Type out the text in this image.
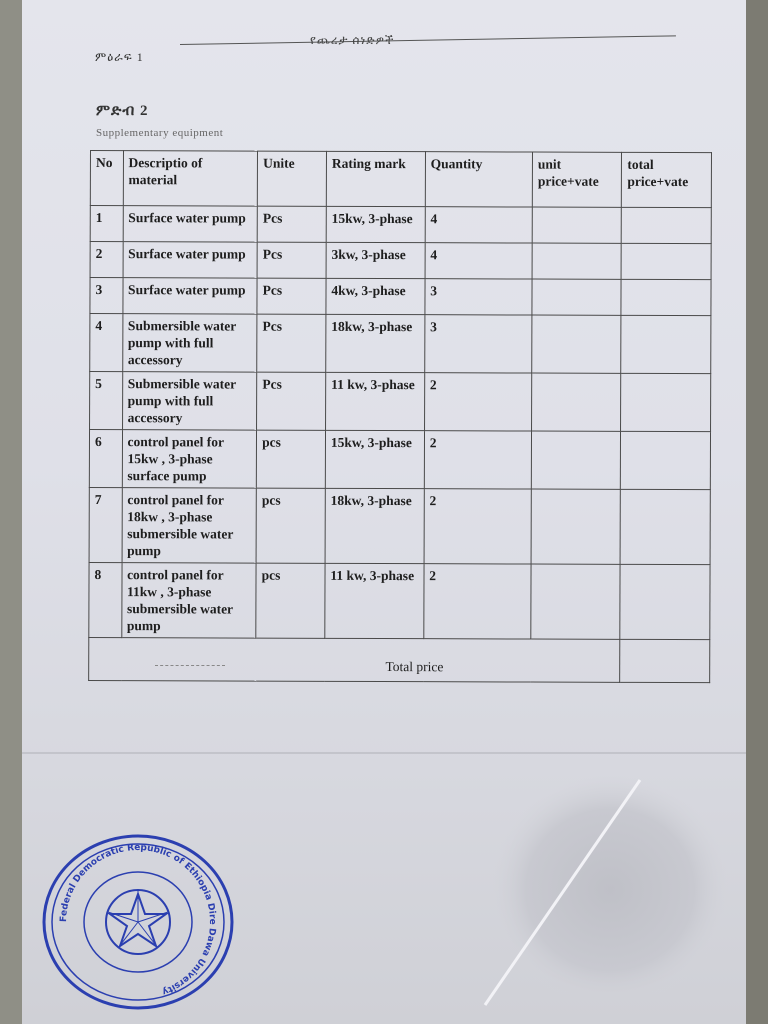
ምዕራፍ 1
የጨረታ ሰነድዎች
ምድብ 2
Supplementary equipment
No	Descriptio of material	Unite	Rating mark	Quantity	unit price+vate	total price+vate
1	Surface water pump	Pcs	15kw, 3-phase	4		
2	Surface water pump	Pcs	3kw, 3-phase	4		
3	Surface water pump	Pcs	4kw, 3-phase	3		
4	Submersible water pump with full accessory	Pcs	18kw, 3-phase	3		
5	Submersible water pump with full accessory	Pcs	11 kw, 3-phase	2		
6	control panel for 15kw , 3-phase surface pump	pcs	15kw, 3-phase	2		
7	control panel for 18kw , 3-phase submersible water pump	pcs	18kw, 3-phase	2		
8	control panel for 11kw , 3-phase submersible water pump	pcs	11 kw, 3-phase	2		
Total price						
Federal Democratic Republic of Ethiopia Dire Dawa University
